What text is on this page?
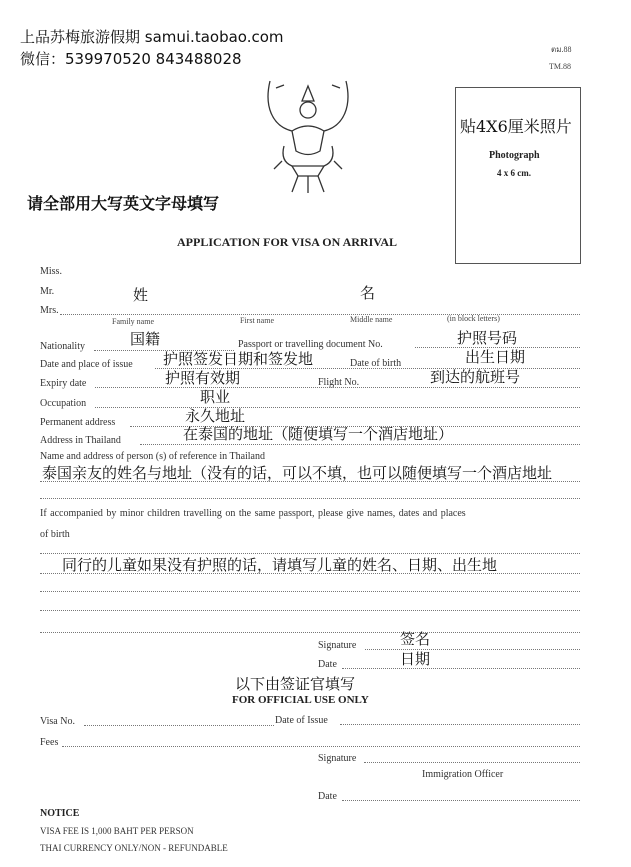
上品苏梅旅游假期 samui.taobao.com
微信：539970520 843488028
ตม.88
TM.88
贴4X6厘米照片
Photograph
4 x 6 cm.
请全部用大写英文字母填写
APPLICATION FOR VISA ON ARRIVAL
Miss.
Mr.
Mrs.
姓	名
Family name	First name	Middle name	(in block letters)
Nationality	国籍	Passport or travelling document No.	护照号码
Date and place of issue 护照签发日期和签发地	Date of birth	出生日期
Expiry date	护照有效期	Flight No.	到达的航班号
Occupation	职业
Permanent address	永久地址
Address in Thailand	在泰国的地址（随便填写一个酒店地址）
Name and address of person (s) of reference in Thailand
泰国亲友的姓名与地址（没有的话，可以不填，也可以随便填写一个酒店地址
If accompanied by minor children travelling on the same passport, please give names, dates and places
of birth
同行的儿童如果没有护照的话，请填写儿童的姓名、日期、出生地
Signature	签名
Date	日期
以下由签证官填写
FOR OFFICIAL USE ONLY
Visa No.	Date of Issue
Fees
Signature
Immigration Officer
Date
NOTICE
VISA FEE IS 1,000 BAHT PER PERSON
THAI CURRENCY ONLY/NON - REFUNDABLE
